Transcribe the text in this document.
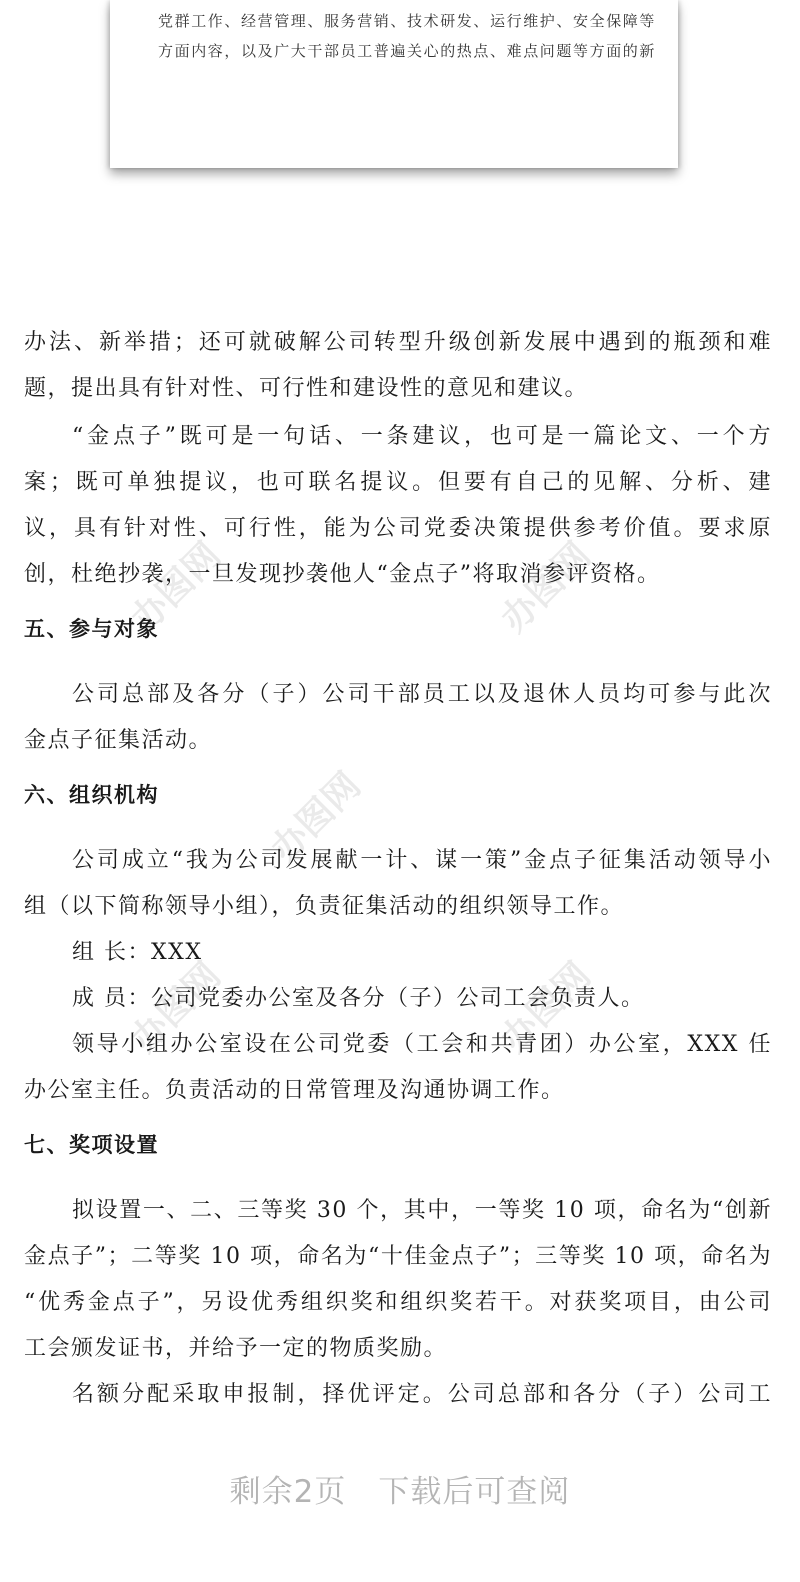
党群工作、经营管理、服务营销、技术研发、运行维护、安全保障等
方面内容，以及广大干部员工普遍关心的热点、难点问题等方面的新
办图网	办图网
办图网
办图网	办图网
办法、新举措；还可就破解公司转型升级创新发展中遇到的瓶颈和难
题，提出具有针对性、可行性和建设性的意见和建议。
“金点子”既可是一句话、一条建议，也可是一篇论文、一个方
案；既可单独提议，也可联名提议。但要有自己的见解、分析、建
议，具有针对性、可行性，能为公司党委决策提供参考价值。要求原
创，杜绝抄袭，一旦发现抄袭他人“金点子”将取消参评资格。
五、参与对象
公司总部及各分（子）公司干部员工以及退休人员均可参与此次
金点子征集活动。
六、组织机构
公司成立“我为公司发展献一计、谋一策”金点子征集活动领导小
组（以下简称领导小组），负责征集活动的组织领导工作。
组 长：XXX
成 员：公司党委办公室及各分（子）公司工会负责人。
领导小组办公室设在公司党委（工会和共青团）办公室，XXX 任
办公室主任。负责活动的日常管理及沟通协调工作。
七、奖项设置
拟设置一、二、三等奖 30 个，其中，一等奖 10 项，命名为“创新
金点子”；二等奖 10 项，命名为“十佳金点子”；三等奖 10 项，命名为
“优秀金点子”，另设优秀组织奖和组织奖若干。对获奖项目，由公司
工会颁发证书，并给予一定的物质奖励。
名额分配采取申报制，择优评定。公司总部和各分（子）公司工
剩余2页 下载后可查阅
